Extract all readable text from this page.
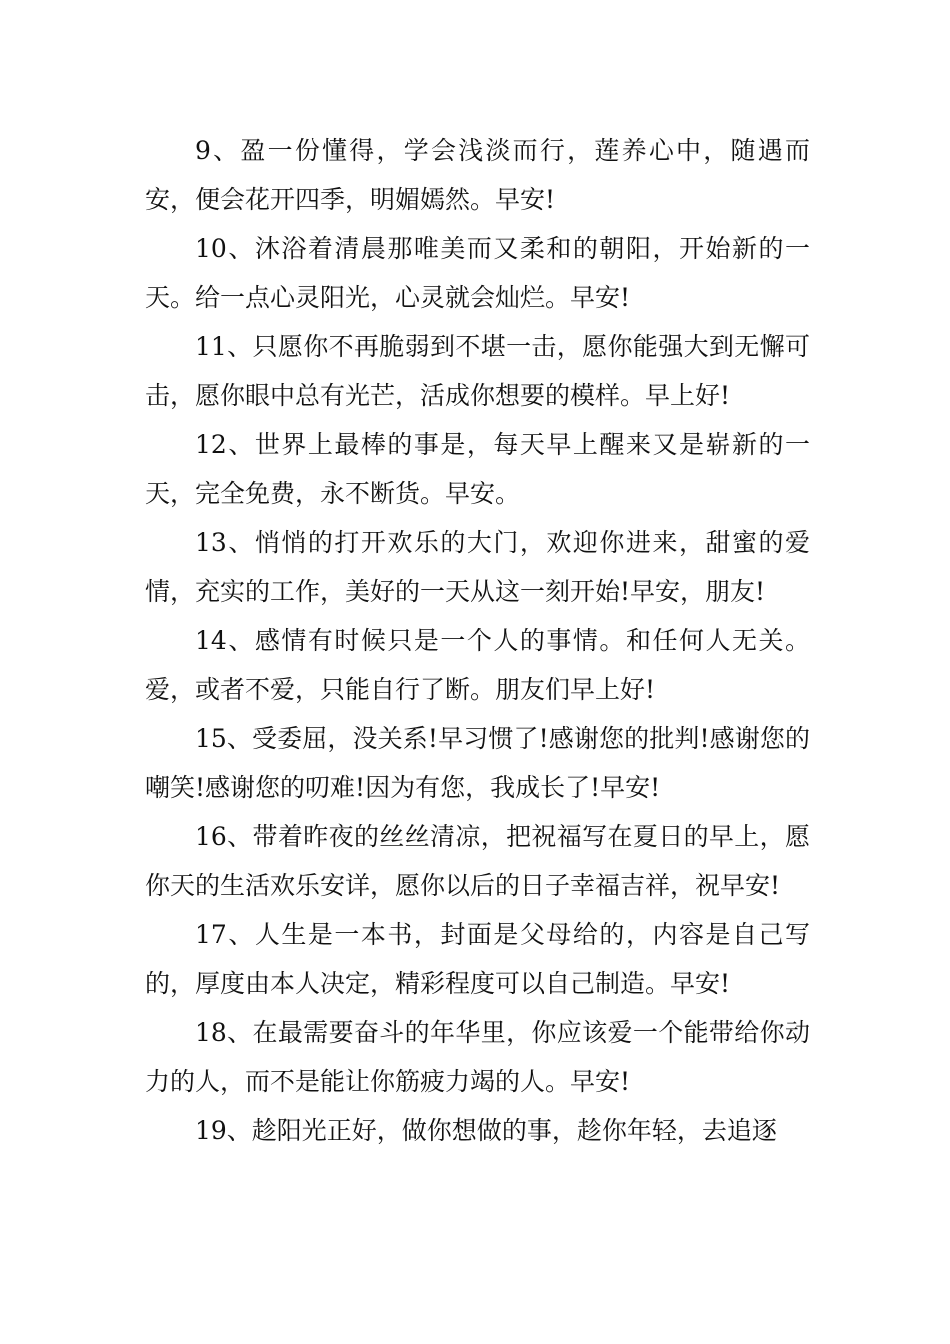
9、盈一份懂得，学会浅淡而行，莲养心中，随遇而安，便会花开四季，明媚嫣然。早安!

10、沐浴着清晨那唯美而又柔和的朝阳，开始新的一天。给一点心灵阳光，心灵就会灿烂。早安!

11、只愿你不再脆弱到不堪一击，愿你能强大到无懈可击，愿你眼中总有光芒，活成你想要的模样。早上好!

12、世界上最棒的事是，每天早上醒来又是崭新的一天，完全免费，永不断货。早安。

13、悄悄的打开欢乐的大门，欢迎你进来，甜蜜的爱情，充实的工作，美好的一天从这一刻开始!早安，朋友!

14、感情有时候只是一个人的事情。和任何人无关。爱，或者不爱，只能自行了断。朋友们早上好!

15、受委屈，没关系!早习惯了!感谢您的批判!感谢您的嘲笑!感谢您的叨难!因为有您，我成长了!早安!

16、带着昨夜的丝丝清凉，把祝福写在夏日的早上，愿你天的生活欢乐安详，愿你以后的日子幸福吉祥，祝早安!

17、人生是一本书，封面是父母给的，内容是自己写的，厚度由本人决定，精彩程度可以自己制造。早安!

18、在最需要奋斗的年华里，你应该爱一个能带给你动力的人，而不是能让你筋疲力竭的人。早安!

19、趁阳光正好，做你想做的事，趁你年轻，去追逐
